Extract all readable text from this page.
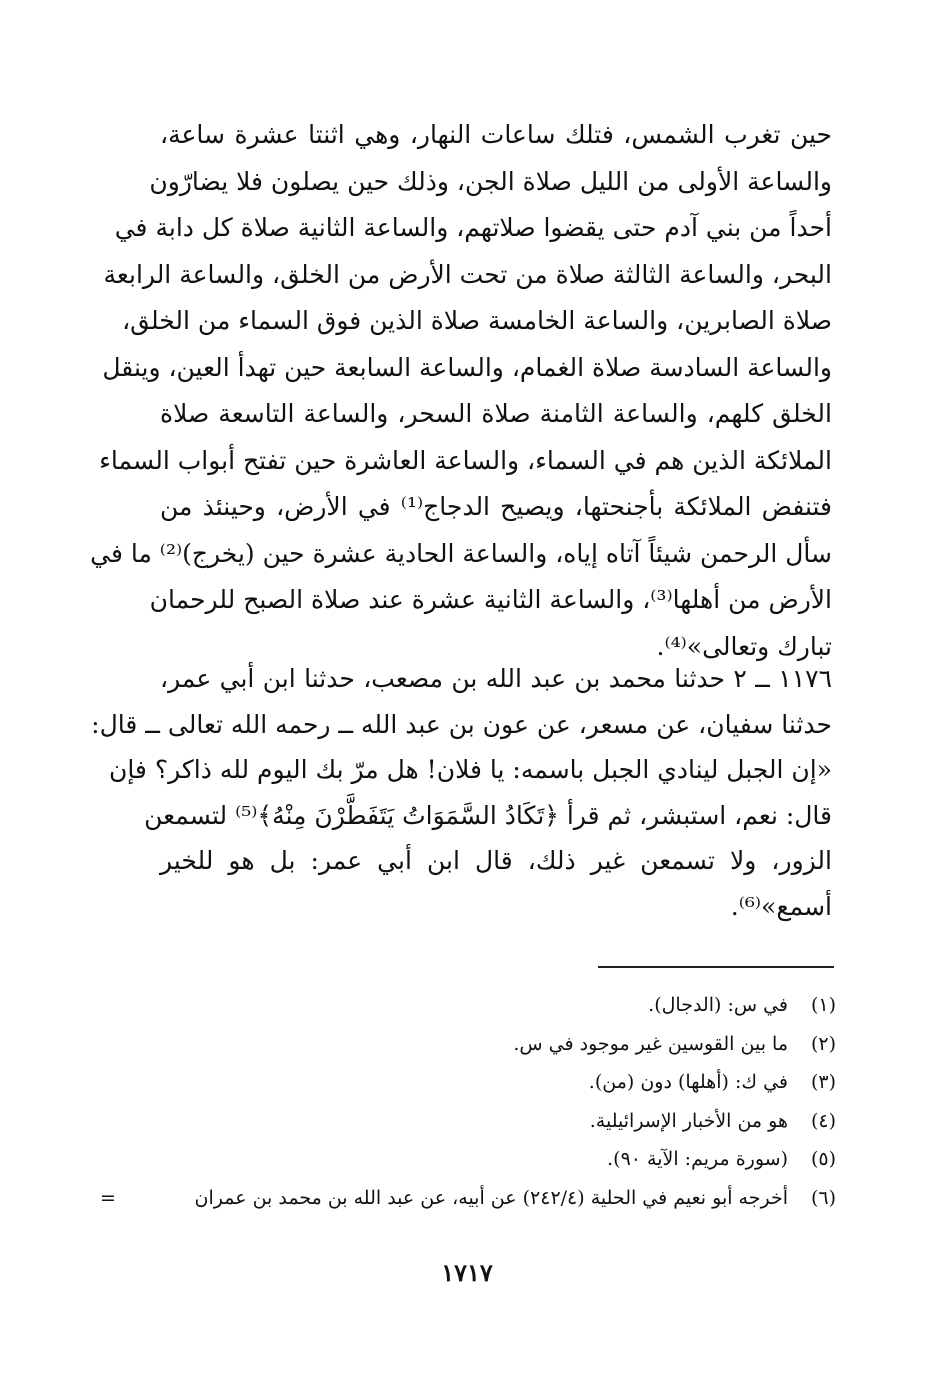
حين تغرب الشمس، فتلك ساعات النهار، وهي اثنتا عشرة ساعة،
والساعة الأولى من الليل صلاة الجن، وذلك حين يصلون فلا يضارّون
أحداً من بني آدم حتى يقضوا صلاتهم، والساعة الثانية صلاة كل دابة في
البحر، والساعة الثالثة صلاة من تحت الأرض من الخلق، والساعة الرابعة
صلاة الصابرين، والساعة الخامسة صلاة الذين فوق السماء من الخلق،
والساعة السادسة صلاة الغمام، والساعة السابعة حين تهدأ العين، وينقل
الخلق كلهم، والساعة الثامنة صلاة السحر، والساعة التاسعة صلاة
الملائكة الذين هم في السماء، والساعة العاشرة حين تفتح أبواب السماء
فتنفض الملائكة بأجنحتها، ويصيح الدجاج⁽¹⁾ في الأرض، وحينئذ من
سأل الرحمن شيئاً آتاه إياه، والساعة الحادية عشرة حين (يخرج)⁽²⁾ ما في
الأرض من أهلها⁽³⁾، والساعة الثانية عشرة عند صلاة الصبح للرحمان
تبارك وتعالى»⁽⁴⁾.
١١٧٦ ــ ٢ حدثنا محمد بن عبد الله بن مصعب، حدثنا ابن أبي عمر،
حدثنا سفيان، عن مسعر، عن عون بن عبد الله ــ رحمه الله تعالى ــ قال:
«إن الجبل لينادي الجبل باسمه: يا فلان! هل مرّ بك اليوم لله ذاكر؟ فإن
قال: نعم، استبشر، ثم قرأ ﴿تَكَادُ السَّمَوَاتُ يَتَفَطَّرْنَ مِنْهُ﴾⁽⁵⁾ لتسمعن
الزور، ولا تسمعن غير ذلك، قال ابن أبي عمر: بل هو للخير
أسمع»⁽⁶⁾.
(١)
في س: (الدجال).
(٢)
ما بين القوسين غير موجود في س.
(٣)
في ك: (أهلها) دون (من).
(٤)
هو من الأخبار الإسرائيلية.
(٥)
(سورة مريم: الآية ٩٠).
(٦)
أخرجه أبو نعيم في الحلية (٢٤٢/٤) عن أبيه، عن عبد الله بن محمد بن عمران
=
١٧١٧
